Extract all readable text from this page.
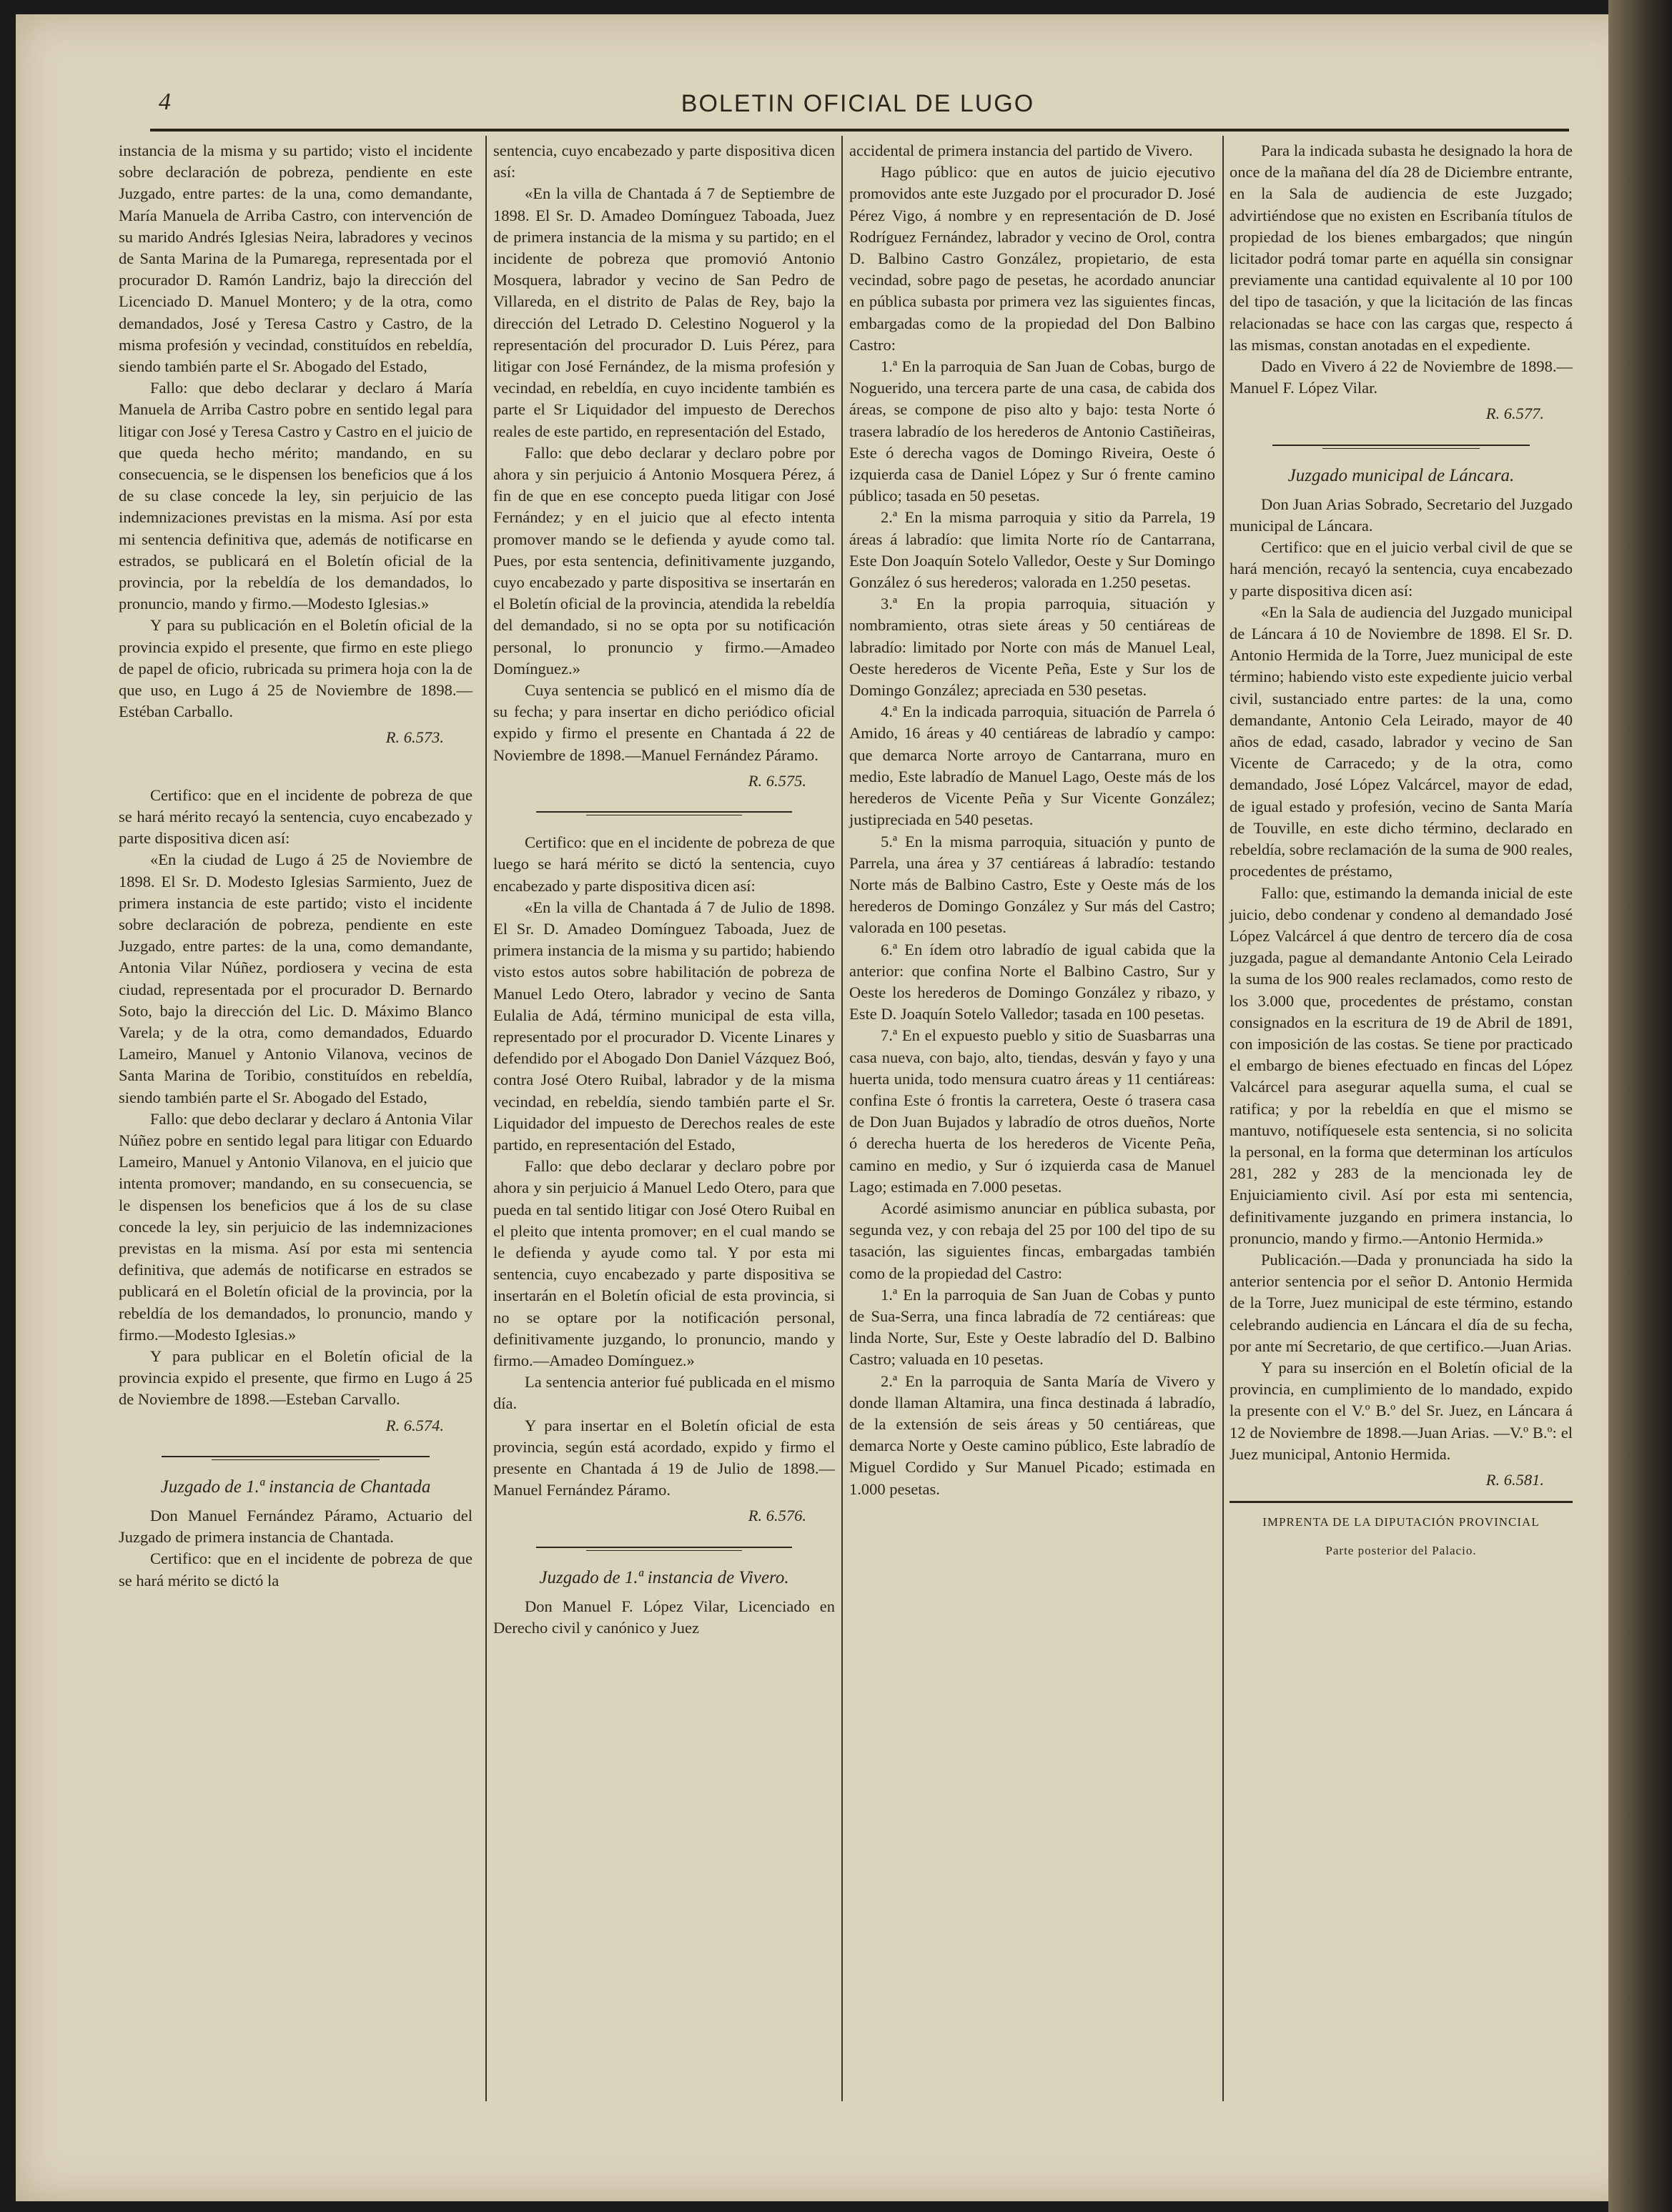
4	BOLETIN OFICIAL DE LUGO

instancia de la misma y su partido; visto el incidente sobre declaración de pobreza, pendiente en este Juzgado, entre partes: de la una, como demandante, María Manuela de Arriba Castro, con intervención de su marido Andrés Iglesias Neira, labradores y vecinos de Santa Marina de la Pumarega, representada por el procurador D. Ramón Landriz, bajo la dirección del Licenciado D. Manuel Montero; y de la otra, como demandados, José y Teresa Castro y Castro, de la misma profesión y vecindad, constituídos en rebeldía, siendo también parte el Sr. Abogado del Estado,

Fallo: que debo declarar y declaro á María Manuela de Arriba Castro pobre en sentido legal para litigar con José y Teresa Castro y Castro en el juicio de que queda hecho mérito; mandando, en su consecuencia, se le dispensen los beneficios que á los de su clase concede la ley, sin perjuicio de las indemnizaciones previstas en la misma. Así por esta mi sentencia definitiva que, además de notificarse en estrados, se publicará en el Boletín oficial de la provincia, por la rebeldía de los demandados, lo pronuncio, mando y firmo.—Modesto Iglesias.»

Y para su publicación en el Boletín oficial de la provincia expido el presente, que firmo en este pliego de papel de oficio, rubricada su primera hoja con la de que uso, en Lugo á 25 de Noviembre de 1898.—Estéban Carballo.

R. 6.573.

Certifico: que en el incidente de pobreza de que se hará mérito recayó la sentencia, cuyo encabezado y parte dispositiva dicen así:

«En la ciudad de Lugo á 25 de Noviembre de 1898. El Sr. D. Modesto Iglesias Sarmiento, Juez de primera instancia de este partido; visto el incidente sobre declaración de pobreza, pendiente en este Juzgado, entre partes: de la una, como demandante, Antonia Vilar Núñez, pordiosera y vecina de esta ciudad, representada por el procurador D. Bernardo Soto, bajo la dirección del Lic. D. Máximo Blanco Varela; y de la otra, como demandados, Eduardo Lameiro, Manuel y Antonio Vilanova, vecinos de Santa Marina de Toribio, constituídos en rebeldía, siendo también parte el Sr. Abogado del Estado,

Fallo: que debo declarar y declaro á Antonia Vilar Núñez pobre en sentido legal para litigar con Eduardo Lameiro, Manuel y Antonio Vilanova, en el juicio que intenta promover; mandando, en su consecuencia, se le dispensen los beneficios que á los de su clase concede la ley, sin perjuicio de las indemnizaciones previstas en la misma. Así por esta mi sentencia definitiva, que además de notificarse en estrados se publicará en el Boletín oficial de la provincia, por la rebeldía de los demandados, lo pronuncio, mando y firmo.—Modesto Iglesias.»

Y para publicar en el Boletín oficial de la provincia expido el presente, que firmo en Lugo á 25 de Noviembre de 1898.—Esteban Carvallo.

R. 6.574.

Juzgado de 1.ª instancia de Chantada

Don Manuel Fernández Páramo, Actuario del Juzgado de primera instancia de Chantada.

Certifico: que en el incidente de pobreza de que se hará mérito se dictó la

sentencia, cuyo encabezado y parte dispositiva dicen así:

«En la villa de Chantada á 7 de Septiembre de 1898. El Sr. D. Amadeo Domínguez Taboada, Juez de primera instancia de la misma y su partido; en el incidente de pobreza que promovió Antonio Mosquera, labrador y vecino de San Pedro de Villareda, en el distrito de Palas de Rey, bajo la dirección del Letrado D. Celestino Noguerol y la representación del procurador D. Luis Pérez, para litigar con José Fernández, de la misma profesión y vecindad, en rebeldía, en cuyo incidente también es parte el Sr Liquidador del impuesto de Derechos reales de este partido, en representación del Estado,

Fallo: que debo declarar y declaro pobre por ahora y sin perjuicio á Antonio Mosquera Pérez, á fin de que en ese concepto pueda litigar con José Fernández; y en el juicio que al efecto intenta promover mando se le defienda y ayude como tal. Pues, por esta sentencia, definitivamente juzgando, cuyo encabezado y parte dispositiva se insertarán en el Boletín oficial de la provincia, atendida la rebeldía del demandado, si no se opta por su notificación personal, lo pronuncio y firmo.—Amadeo Domínguez.»

Cuya sentencia se publicó en el mismo día de su fecha; y para insertar en dicho periódico oficial expido y firmo el presente en Chantada á 22 de Noviembre de 1898.—Manuel Fernández Páramo.

R. 6.575.

Certifico: que en el incidente de pobreza de que luego se hará mérito se dictó la sentencia, cuyo encabezado y parte dispositiva dicen así:

«En la villa de Chantada á 7 de Julio de 1898. El Sr. D. Amadeo Domínguez Taboada, Juez de primera instancia de la misma y su partido; habiendo visto estos autos sobre habilitación de pobreza de Manuel Ledo Otero, labrador y vecino de Santa Eulalia de Adá, término municipal de esta villa, representado por el procurador D. Vicente Linares y defendido por el Abogado Don Daniel Vázquez Boó, contra José Otero Ruibal, labrador y de la misma vecindad, en rebeldía, siendo también parte el Sr. Liquidador del impuesto de Derechos reales de este partido, en representación del Estado,

Fallo: que debo declarar y declaro pobre por ahora y sin perjuicio á Manuel Ledo Otero, para que pueda en tal sentido litigar con José Otero Ruibal en el pleito que intenta promover; en el cual mando se le defienda y ayude como tal. Y por esta mi sentencia, cuyo encabezado y parte dispositiva se insertarán en el Boletín oficial de esta provincia, si no se optare por la notificación personal, definitivamente juzgando, lo pronuncio, mando y firmo.—Amadeo Domínguez.»

La sentencia anterior fué publicada en el mismo día.

Y para insertar en el Boletín oficial de esta provincia, según está acordado, expido y firmo el presente en Chantada á 19 de Julio de 1898.—Manuel Fernández Páramo.

R. 6.576.

Juzgado de 1.ª instancia de Vivero.

Don Manuel F. López Vilar, Licenciado en Derecho civil y canónico y Juez

accidental de primera instancia del partido de Vivero.

Hago público: que en autos de juicio ejecutivo promovidos ante este Juzgado por el procurador D. José Pérez Vigo, á nombre y en representación de D. José Rodríguez Fernández, labrador y vecino de Orol, contra D. Balbino Castro González, propietario, de esta vecindad, sobre pago de pesetas, he acordado anunciar en pública subasta por primera vez las siguientes fincas, embargadas como de la propiedad del Don Balbino Castro:

1.ª En la parroquia de San Juan de Cobas, burgo de Noguerido, una tercera parte de una casa, de cabida dos áreas, se compone de piso alto y bajo: testa Norte ó trasera labradío de los herederos de Antonio Castiñeiras, Este ó derecha vagos de Domingo Riveira, Oeste ó izquierda casa de Daniel López y Sur ó frente camino público; tasada en 50 pesetas.

2.ª En la misma parroquia y sitio da Parrela, 19 áreas á labradío: que limita Norte río de Cantarrana, Este Don Joaquín Sotelo Valledor, Oeste y Sur Domingo González ó sus herederos; valorada en 1.250 pesetas.

3.ª En la propia parroquia, situación y nombramiento, otras siete áreas y 50 centiáreas de labradío: limitado por Norte con más de Manuel Leal, Oeste herederos de Vicente Peña, Este y Sur los de Domingo González; apreciada en 530 pesetas.

4.ª En la indicada parroquia, situación de Parrela ó Amido, 16 áreas y 40 centiáreas de labradío y campo: que demarca Norte arroyo de Cantarrana, muro en medio, Este labradío de Manuel Lago, Oeste más de los herederos de Vicente Peña y Sur Vicente González; justipreciada en 540 pesetas.

5.ª En la misma parroquia, situación y punto de Parrela, una área y 37 centiáreas á labradío: testando Norte más de Balbino Castro, Este y Oeste más de los herederos de Domingo González y Sur más del Castro; valorada en 100 pesetas.

6.ª En ídem otro labradío de igual cabida que la anterior: que confina Norte el Balbino Castro, Sur y Oeste los herederos de Domingo González y ribazo, y Este D. Joaquín Sotelo Valledor; tasada en 100 pesetas.

7.ª En el expuesto pueblo y sitio de Suasbarras una casa nueva, con bajo, alto, tiendas, desván y fayo y una huerta unida, todo mensura cuatro áreas y 11 centiáreas: confina Este ó frontis la carretera, Oeste ó trasera casa de Don Juan Bujados y labradío de otros dueños, Norte ó derecha huerta de los herederos de Vicente Peña, camino en medio, y Sur ó izquierda casa de Manuel Lago; estimada en 7.000 pesetas.

Acordé asimismo anunciar en pública subasta, por segunda vez, y con rebaja del 25 por 100 del tipo de su tasación, las siguientes fincas, embargadas también como de la propiedad del Castro:

1.ª En la parroquia de San Juan de Cobas y punto de Sua-Serra, una finca labradía de 72 centiáreas: que linda Norte, Sur, Este y Oeste labradío del D. Balbino Castro; valuada en 10 pesetas.

2.ª En la parroquia de Santa María de Vivero y donde llaman Altamira, una finca destinada á labradío, de la extensión de seis áreas y 50 centiáreas, que demarca Norte y Oeste camino público, Este labradío de Miguel Cordido y Sur Manuel Picado; estimada en 1.000 pesetas.

Para la indicada subasta he designado la hora de once de la mañana del día 28 de Diciembre entrante, en la Sala de audiencia de este Juzgado; advirtiéndose que no existen en Escribanía títulos de propiedad de los bienes embargados; que ningún licitador podrá tomar parte en aquélla sin consignar previamente una cantidad equivalente al 10 por 100 del tipo de tasación, y que la licitación de las fincas relacionadas se hace con las cargas que, respecto á las mismas, constan anotadas en el expediente.

Dado en Vivero á 22 de Noviembre de 1898.—Manuel F. López Vilar.

R. 6.577.

Juzgado municipal de Láncara.

Don Juan Arias Sobrado, Secretario del Juzgado municipal de Láncara.

Certifico: que en el juicio verbal civil de que se hará mención, recayó la sentencia, cuya encabezado y parte dispositiva dicen así:

«En la Sala de audiencia del Juzgado municipal de Láncara á 10 de Noviembre de 1898. El Sr. D. Antonio Hermida de la Torre, Juez municipal de este término; habiendo visto este expediente juicio verbal civil, sustanciado entre partes: de la una, como demandante, Antonio Cela Leirado, mayor de 40 años de edad, casado, labrador y vecino de San Vicente de Carracedo; y de la otra, como demandado, José López Valcárcel, mayor de edad, de igual estado y profesión, vecino de Santa María de Touville, en este dicho término, declarado en rebeldía, sobre reclamación de la suma de 900 reales, procedentes de préstamo,

Fallo: que, estimando la demanda inicial de este juicio, debo condenar y condeno al demandado José López Valcárcel á que dentro de tercero día de cosa juzgada, pague al demandante Antonio Cela Leirado la suma de los 900 reales reclamados, como resto de los 3.000 que, procedentes de préstamo, constan consignados en la escritura de 19 de Abril de 1891, con imposición de las costas. Se tiene por practicado el embargo de bienes efectuado en fincas del López Valcárcel para asegurar aquella suma, el cual se ratifica; y por la rebeldía en que el mismo se mantuvo, notifíquesele esta sentencia, si no solicita la personal, en la forma que determinan los artículos 281, 282 y 283 de la mencionada ley de Enjuiciamiento civil. Así por esta mi sentencia, definitivamente juzgando en primera instancia, lo pronuncio, mando y firmo.—Antonio Hermida.»

Publicación.—Dada y pronunciada ha sido la anterior sentencia por el señor D. Antonio Hermida de la Torre, Juez municipal de este término, estando celebrando audiencia en Láncara el día de su fecha, por ante mí Secretario, de que certifico.—Juan Arias.

Y para su inserción en el Boletín oficial de la provincia, en cumplimiento de lo mandado, expido la presente con el V.º B.º del Sr. Juez, en Láncara á 12 de Noviembre de 1898.—Juan Arias. —V.º B.º: el Juez municipal, Antonio Hermida.

R. 6.581.

IMPRENTA DE LA DIPUTACIÓN PROVINCIAL

Parte posterior del Palacio.
